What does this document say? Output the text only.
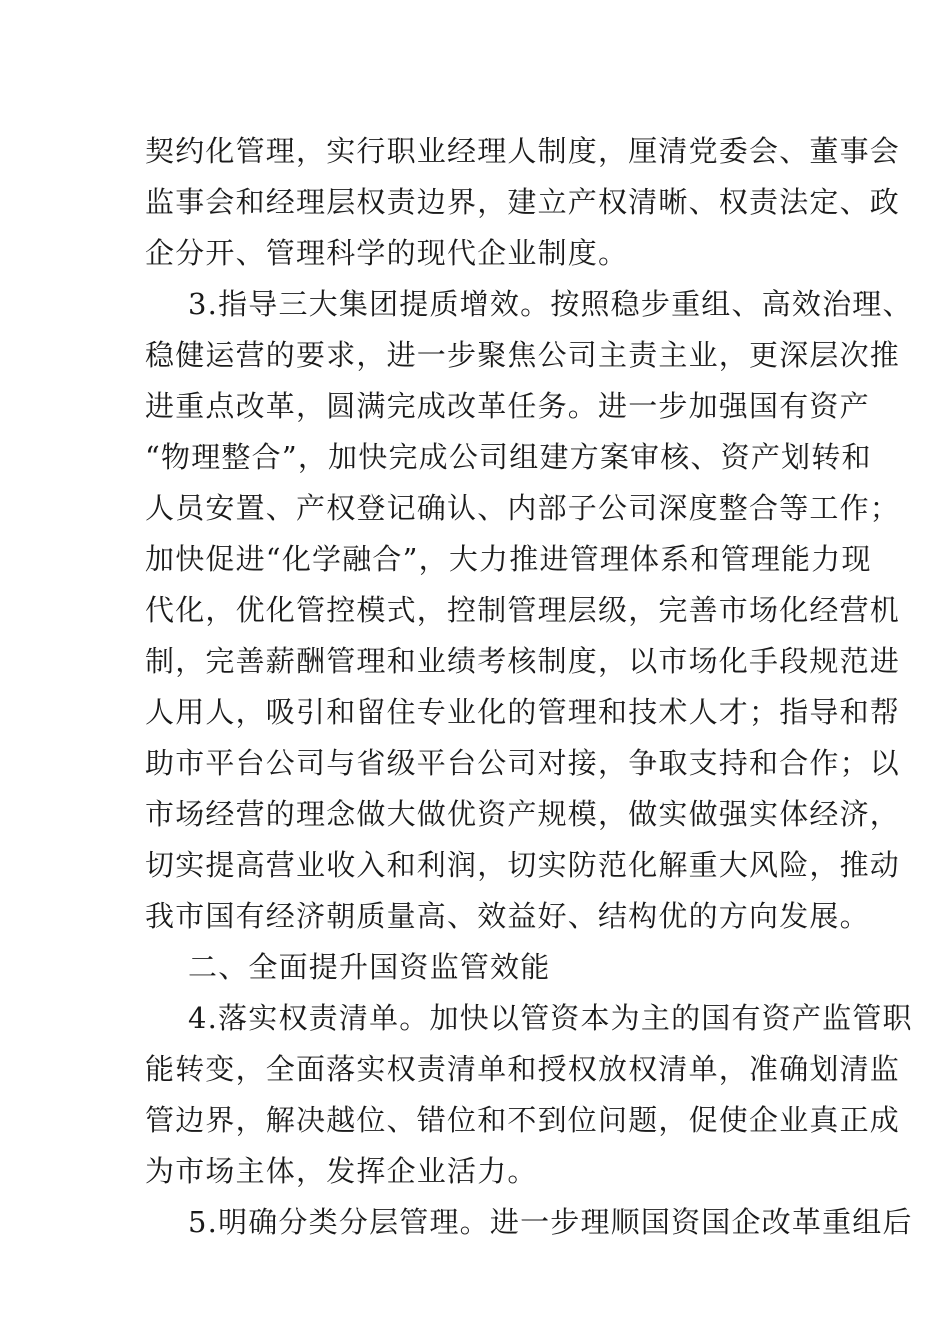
契约化管理，实行职业经理人制度，厘清党委会、董事会
监事会和经理层权责边界，建立产权清晰、权责法定、政
企分开、管理科学的现代企业制度。
3.指导三大集团提质增效。按照稳步重组、高效治理、
稳健运营的要求，进一步聚焦公司主责主业，更深层次推
进重点改革，圆满完成改革任务。进一步加强国有资产
“物理整合”，加快完成公司组建方案审核、资产划转和
人员安置、产权登记确认、内部子公司深度整合等工作；
加快促进“化学融合”，大力推进管理体系和管理能力现
代化，优化管控模式，控制管理层级，完善市场化经营机
制，完善薪酬管理和业绩考核制度，以市场化手段规范进
人用人，吸引和留住专业化的管理和技术人才；指导和帮
助市平台公司与省级平台公司对接，争取支持和合作；以
市场经营的理念做大做优资产规模，做实做强实体经济，
切实提高营业收入和利润，切实防范化解重大风险，推动
我市国有经济朝质量高、效益好、结构优的方向发展。
二、全面提升国资监管效能
4.落实权责清单。加快以管资本为主的国有资产监管职
能转变，全面落实权责清单和授权放权清单，准确划清监
管边界，解决越位、错位和不到位问题，促使企业真正成
为市场主体，发挥企业活力。
5.明确分类分层管理。进一步理顺国资国企改革重组后
